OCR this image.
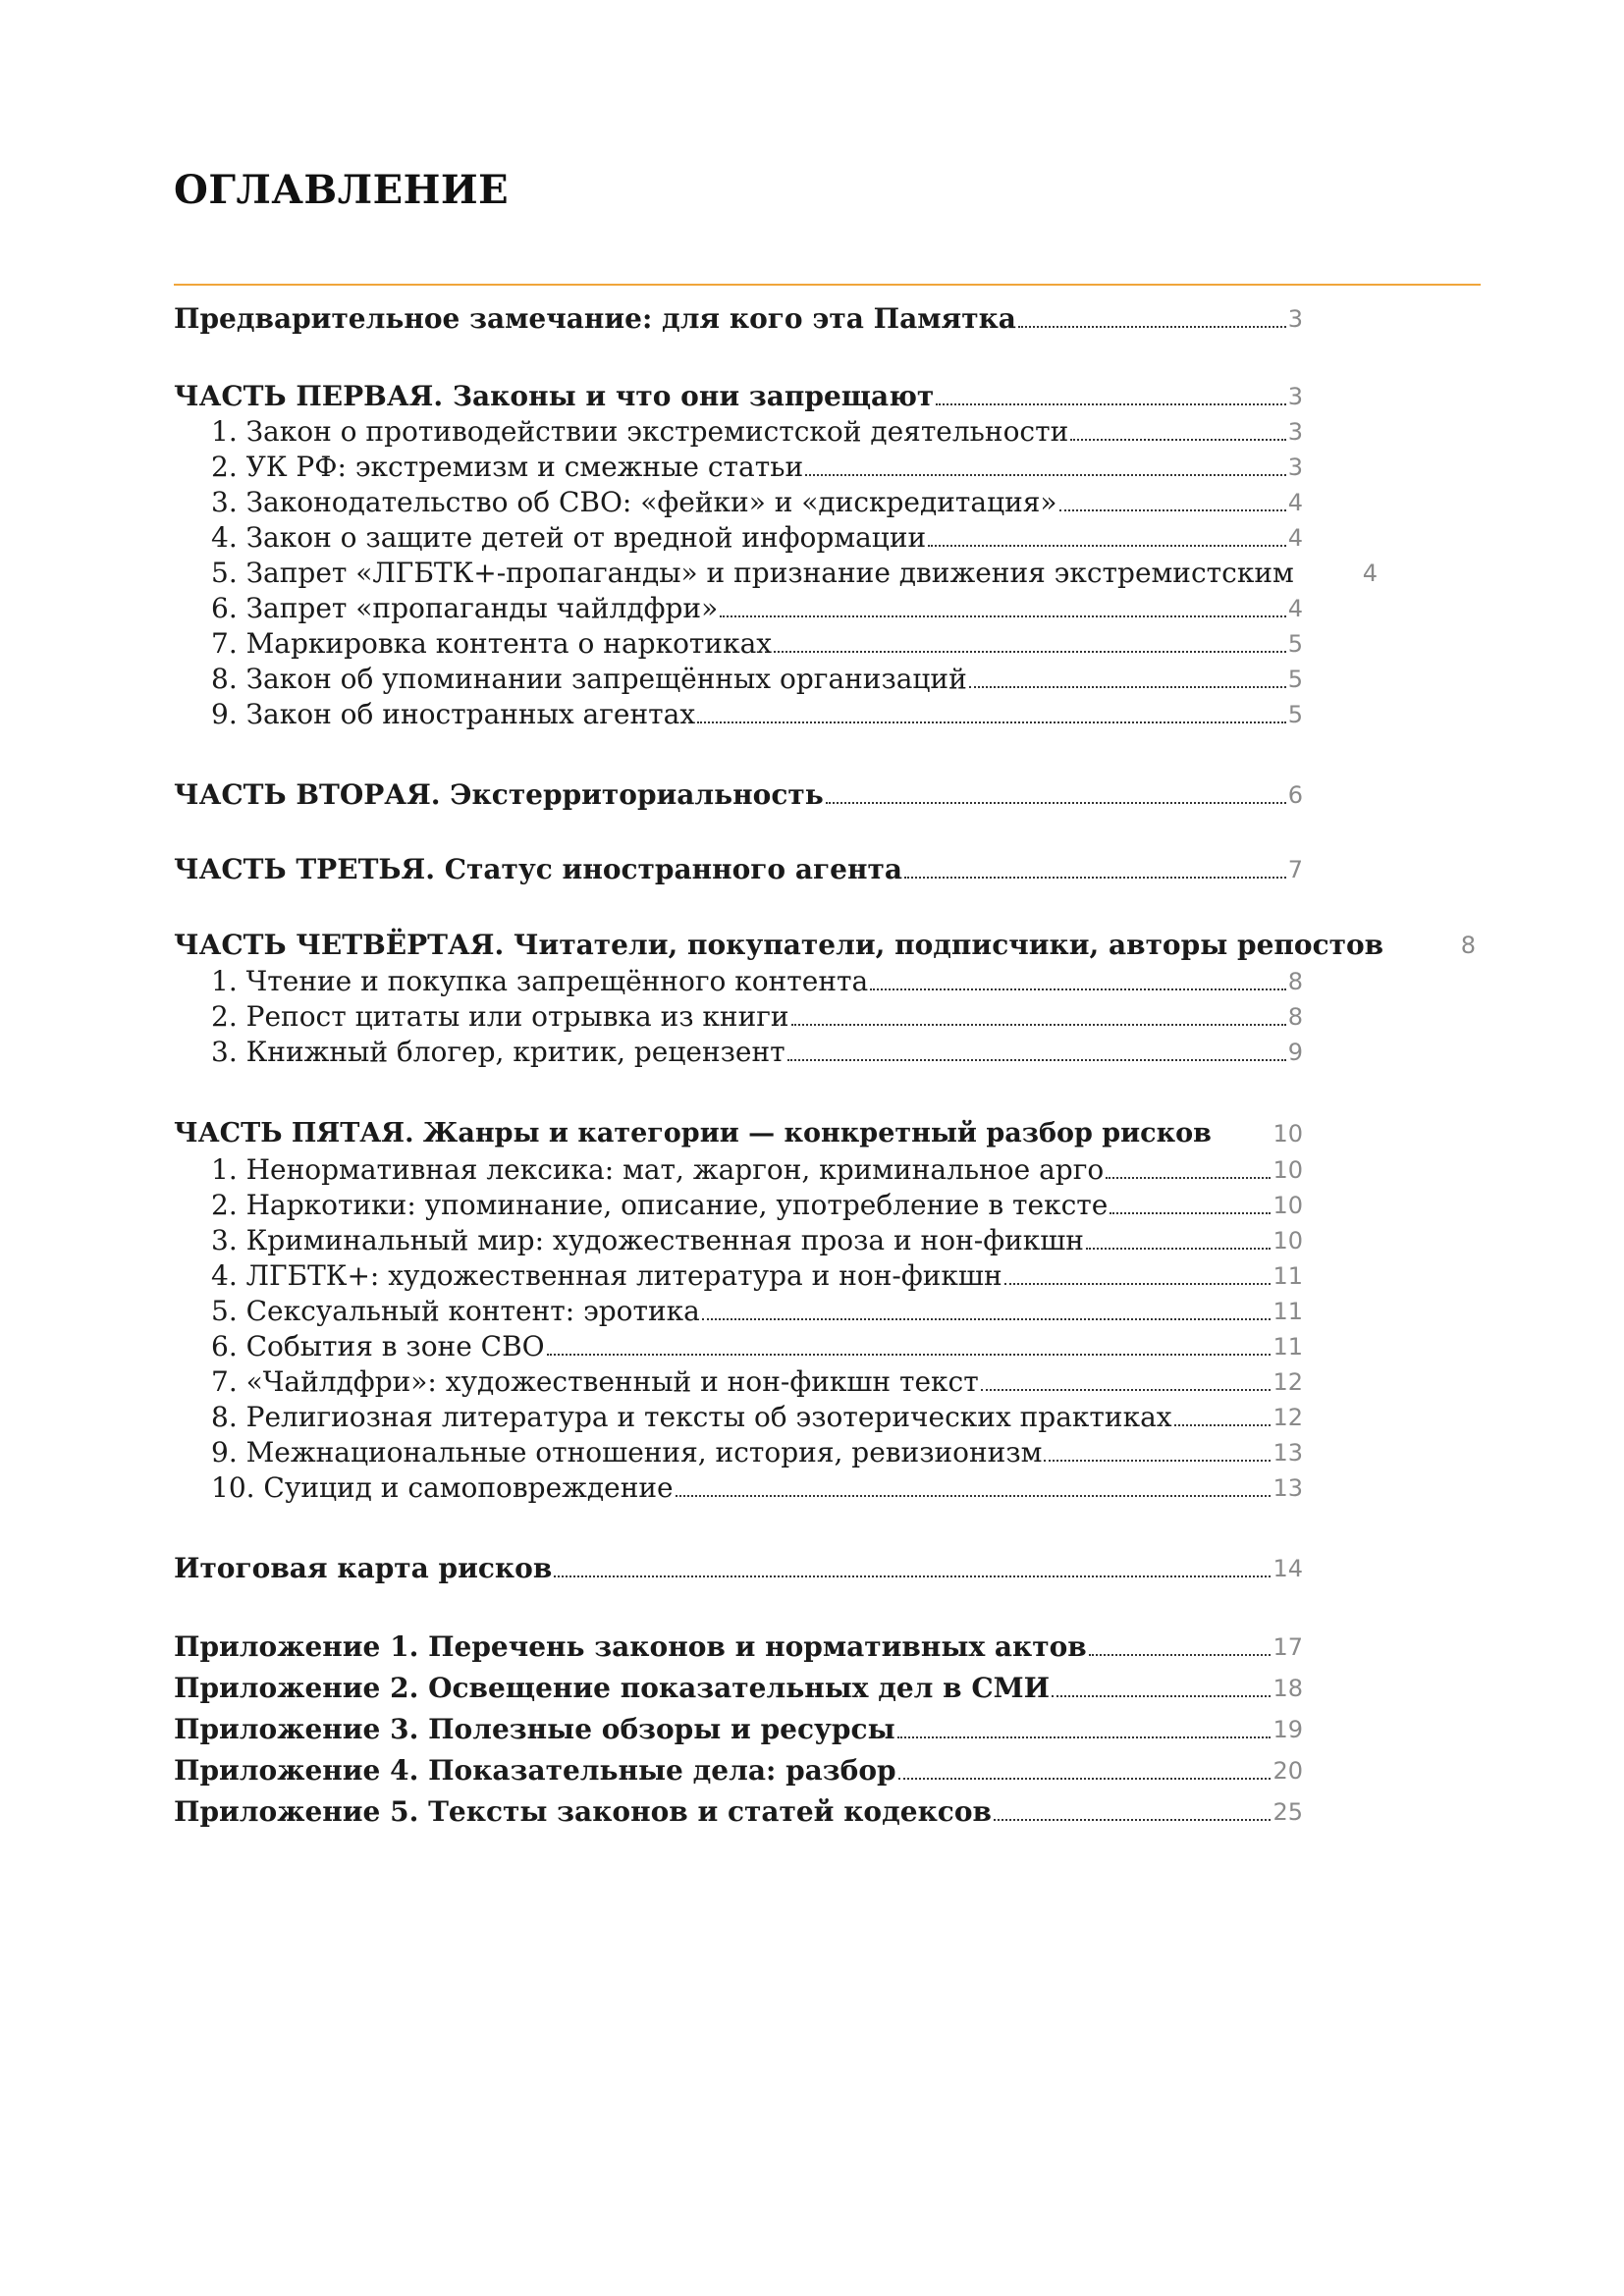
ОГЛАВЛЕНИЕ
Предварительное замечание: для кого эта Памятка	3
ЧАСТЬ ПЕРВАЯ. Законы и что они запрещают	3
1. Закон о противодействии экстремистской деятельности	3
2. УК РФ: экстремизм и смежные статьи	3
3. Законодательство об СВО: «фейки» и «дискредитация»	4
4. Закон о защите детей от вредной информации	4
5. Запрет «ЛГБТК+-пропаганды» и признание движения экстремистским	4
6. Запрет «пропаганды чайлдфри»	4
7. Маркировка контента о наркотиках	5
8. Закон об упоминании запрещённых организаций	5
9. Закон об иностранных агентах	5
ЧАСТЬ ВТОРАЯ. Экстерриториальность	6
ЧАСТЬ ТРЕТЬЯ. Статус иностранного агента	7
ЧАСТЬ ЧЕТВЁРТАЯ. Читатели, покупатели, подписчики, авторы репостов	8
1. Чтение и покупка запрещённого контента	8
2. Репост цитаты или отрывка из книги	8
3. Книжный блогер, критик, рецензент	9
ЧАСТЬ ПЯТАЯ. Жанры и категории — конкретный разбор рисков	10
1. Ненормативная лексика: мат, жаргон, криминальное арго	10
2. Наркотики: упоминание, описание, употребление в тексте	10
3. Криминальный мир: художественная проза и нон-фикшн	10
4. ЛГБТК+: художественная литература и нон-фикшн	11
5. Сексуальный контент: эротика	11
6. События в зоне СВО	11
7. «Чайлдфри»: художественный и нон-фикшн текст	12
8. Религиозная литература и тексты об эзотерических практиках	12
9. Межнациональные отношения, история, ревизионизм	13
10. Суицид и самоповреждение	13
Итоговая карта рисков	14
Приложение 1. Перечень законов и нормативных актов	17
Приложение 2. Освещение показательных дел в СМИ	18
Приложение 3. Полезные обзоры и ресурсы	19
Приложение 4. Показательные дела: разбор	20
Приложение 5. Тексты законов и статей кодексов	25
